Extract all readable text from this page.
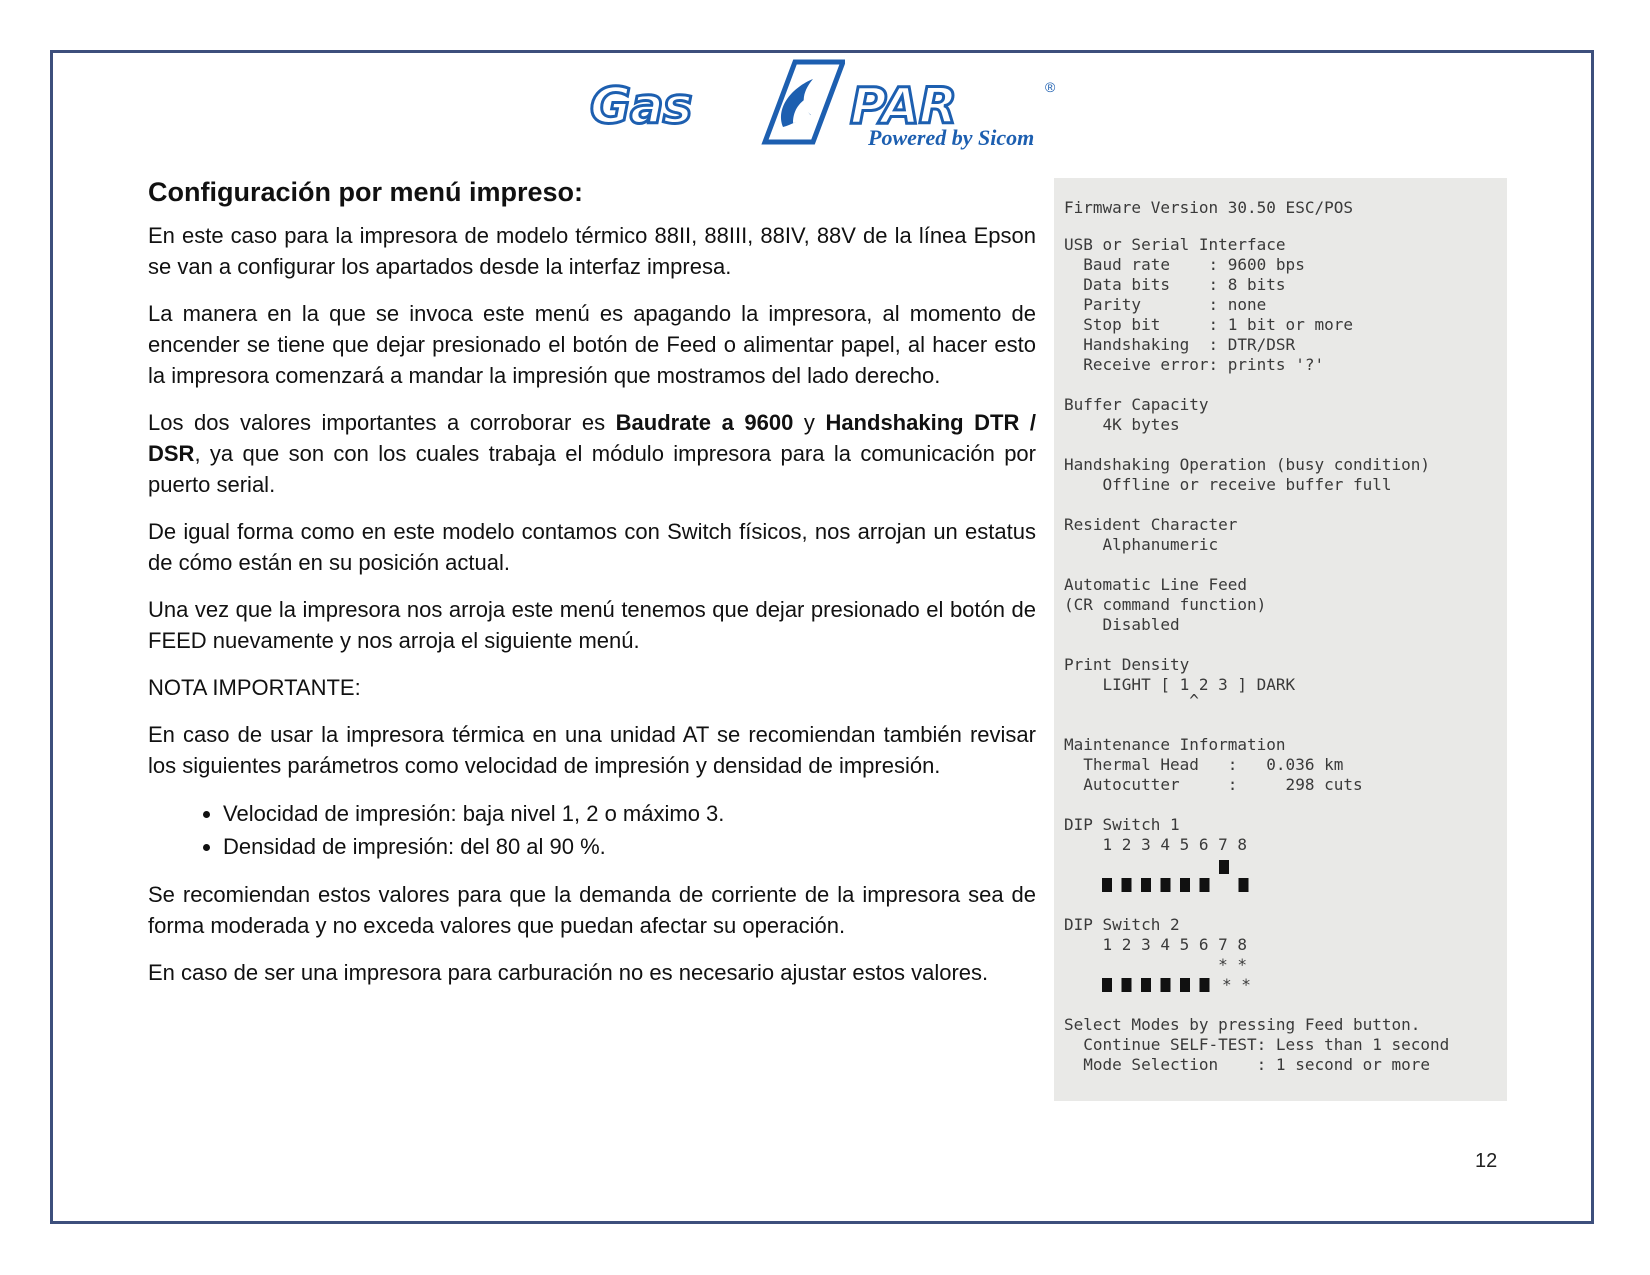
Gas	PAR	®
Powered by Sicom
Configuración por menú impreso:

En este caso para la impresora de modelo térmico 88II, 88III, 88IV, 88V de la línea Epson se van a configurar los apartados desde la interfaz impresa.

La manera en la que se invoca este menú es apagando la impresora, al momento de encender se tiene que dejar presionado el botón de Feed o alimentar papel, al hacer esto la impresora comenzará a mandar la impresión que mostramos del lado derecho.

Los dos valores importantes a corroborar es Baudrate a 9600 y Handshaking DTR / DSR, ya que son con los cuales trabaja el módulo impresora para la comunicación por puerto serial.

De igual forma como en este modelo contamos con Switch físicos, nos arrojan un estatus de cómo están en su posición actual.

Una vez que la impresora nos arroja este menú tenemos que dejar presionado el botón de FEED nuevamente y nos arroja el siguiente menú.

NOTA IMPORTANTE:

En caso de usar la impresora térmica en una unidad AT se recomiendan también revisar los siguientes parámetros como velocidad de impresión y densidad de impresión.

• Velocidad de impresión: baja nivel 1, 2 o máximo 3.
• Densidad de impresión: del 80 al 90 %.

Se recomiendan estos valores para que la demanda de corriente de la impresora sea de forma moderada y no exceda valores que puedan afectar su operación.

En caso de ser una impresora para carburación no es necesario ajustar estos valores.

Firmware Version 30.50 ESC/POS
USB or Serial Interface
Baud rate    : 9600 bps
Data bits    : 8 bits
Parity       : none
Stop bit     : 1 bit or more
Handshaking  : DTR/DSR
Receive error: prints '?'
Buffer Capacity
4K bytes
Handshaking Operation (busy condition)
Offline or receive buffer full
Resident Character
Alphanumeric
Automatic Line Feed
(CR command function)
Disabled
Print Density
LIGHT [ 1 2 3 ] DARK
^
Maintenance Information
Thermal Head   :   0.036 km
Autocutter     :     298 cuts
DIP Switch 1
1 2 3 4 5 6 7 8
DIP Switch 2
1 2 3 4 5 6 7 8
* *
* *
Select Modes by pressing Feed button.
Continue SELF-TEST: Less than 1 second
Mode Selection    : 1 second or more
12
